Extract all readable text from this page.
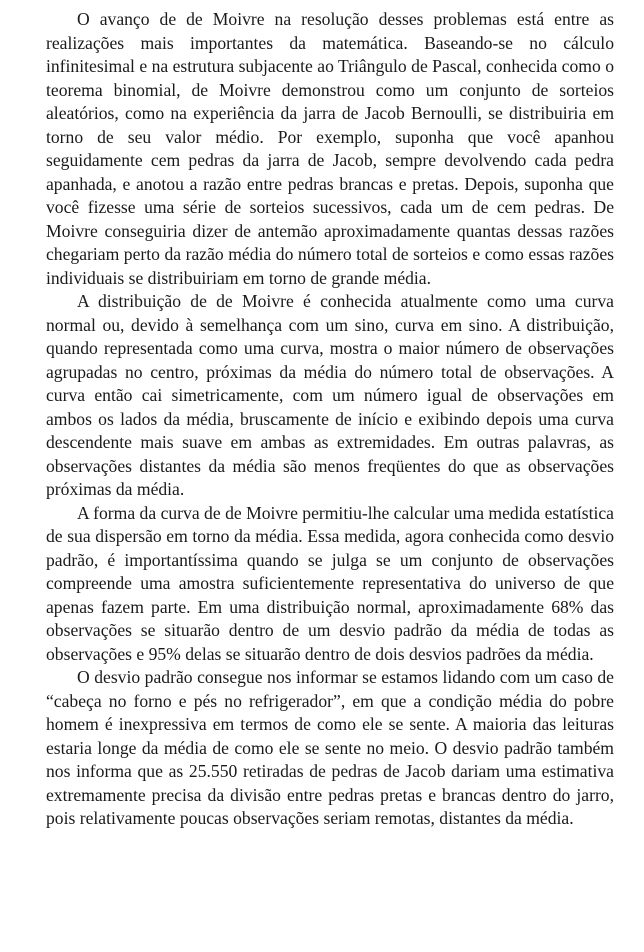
O avanço de de Moivre na resolução desses problemas está entre as realizações mais importantes da matemática. Baseando-se no cálculo infinitesimal e na estrutura subjacente ao Triângulo de Pascal, conhecida como o teorema binomial, de Moivre demonstrou como um conjunto de sorteios aleatórios, como na experiência da jarra de Jacob Bernoulli, se distribuiria em torno de seu valor médio. Por exemplo, suponha que você apanhou seguidamente cem pedras da jarra de Jacob, sempre devolvendo cada pedra apanhada, e anotou a razão entre pedras brancas e pretas. Depois, suponha que você fizesse uma série de sorteios sucessivos, cada um de cem pedras. De Moivre conseguiria dizer de antemão aproximadamente quantas dessas razões chegariam perto da razão média do número total de sorteios e como essas razões individuais se distribuiriam em torno de grande média.

A distribuição de de Moivre é conhecida atualmente como uma curva normal ou, devido à semelhança com um sino, curva em sino. A distribuição, quando representada como uma curva, mostra o maior número de observações agrupadas no centro, próximas da média do número total de observações. A curva então cai simetricamente, com um número igual de observações em ambos os lados da média, bruscamente de início e exibindo depois uma curva descendente mais suave em ambas as extremidades. Em outras palavras, as observações distantes da média são menos freqüentes do que as observações próximas da média.

A forma da curva de de Moivre permitiu-lhe calcular uma medida estatística de sua dispersão em torno da média. Essa medida, agora conhecida como desvio padrão, é importantíssima quando se julga se um conjunto de observações compreende uma amostra suficientemente representativa do universo de que apenas fazem parte. Em uma distribuição normal, aproximadamente 68% das observações se situarão dentro de um desvio padrão da média de todas as observações e 95% delas se situarão dentro de dois desvios padrões da média.

O desvio padrão consegue nos informar se estamos lidando com um caso de “cabeça no forno e pés no refrigerador”, em que a condição média do pobre homem é inexpressiva em termos de como ele se sente. A maioria das leituras estaria longe da média de como ele se sente no meio. O desvio padrão também nos informa que as 25.550 retiradas de pedras de Jacob dariam uma estimativa extremamente precisa da divisão entre pedras pretas e brancas dentro do jarro, pois relativamente poucas observações seriam remotas, distantes da média.
